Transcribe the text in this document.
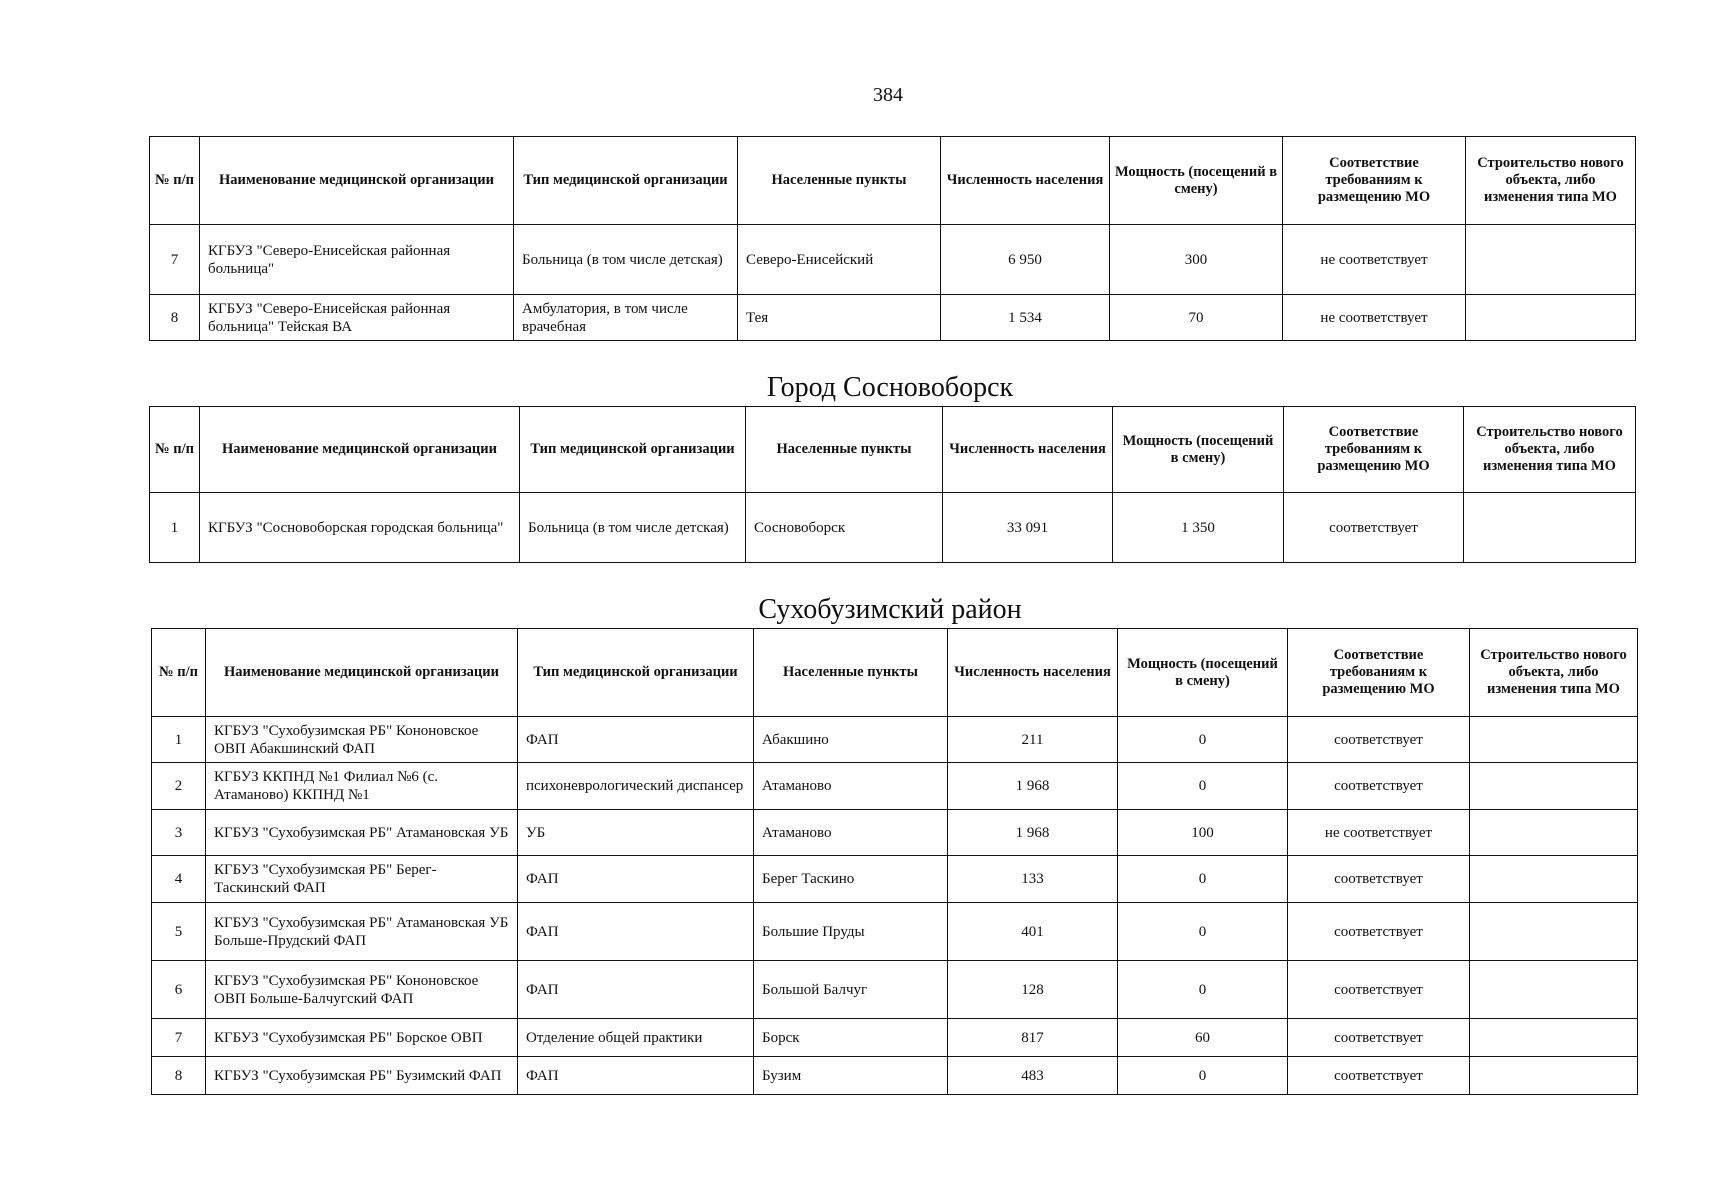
384
№ п/п	Наименование медицинской организации	Тип медицинской организации	Населенные пункты	Численность населения	Мощность (посещений в смену)	Соответствие требованиям к размещению МО	Строительство нового объекта, либо изменения типа МО
7	КГБУЗ "Северо-Енисейская районная больница"	Больница (в том числе детская)	Северо-Енисейский	6 950	300	не соответствует	
8	КГБУЗ "Северо-Енисейская районная больница" Тейская ВА	Амбулатория, в том числе врачебная	Тея	1 534	70	не соответствует	
Город Сосновоборск
№ п/п	Наименование медицинской организации	Тип медицинской организации	Населенные пункты	Численность населения	Мощность (посещений в смену)	Соответствие требованиям к размещению МО	Строительство нового объекта, либо изменения типа МО
1	КГБУЗ "Сосновоборская городская больница"	Больница (в том числе детская)	Сосновоборск	33 091	1 350	соответствует	
Сухобузимский район
№ п/п	Наименование медицинской организации	Тип медицинской организации	Населенные пункты	Численность населения	Мощность (посещений в смену)	Соответствие требованиям к размещению МО	Строительство нового объекта, либо изменения типа МО
1	КГБУЗ "Сухобузимская РБ" Кононовское ОВП Абакшинский ФАП	ФАП	Абакшино	211	0	соответствует	
2	КГБУЗ ККПНД №1 Филиал №6 (с. Атаманово) ККПНД №1	психоневрологический диспансер	Атаманово	1 968	0	соответствует	
3	КГБУЗ "Сухобузимская РБ" Атамановская УБ	УБ	Атаманово	1 968	100	не соответствует	
4	КГБУЗ "Сухобузимская РБ" Берег-Таскинский ФАП	ФАП	Берег Таскино	133	0	соответствует	
5	КГБУЗ "Сухобузимская РБ" Атамановская УБ Больше-Прудский ФАП	ФАП	Большие Пруды	401	0	соответствует	
6	КГБУЗ "Сухобузимская РБ" Кононовское ОВП Больше-Балчугский ФАП	ФАП	Большой Балчуг	128	0	соответствует	
7	КГБУЗ "Сухобузимская РБ" Борское ОВП	Отделение общей практики	Борск	817	60	соответствует	
8	КГБУЗ "Сухобузимская РБ" Бузимский ФАП	ФАП	Бузим	483	0	соответствует	
